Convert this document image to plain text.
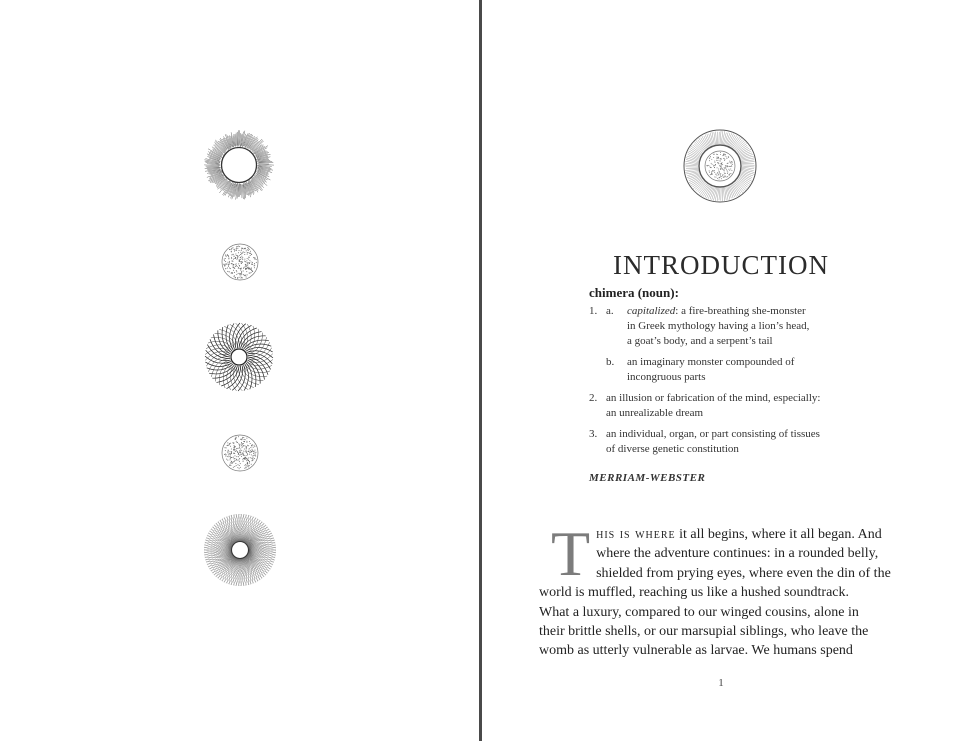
INTRODUCTION
chimera (noun):
1. a. capitalized: a fire-breathing she-monster
in Greek mythology having a lion’s head,
a goat’s body, and a serpent’s tail
b. an imaginary monster compounded of
incongruous parts
2. an illusion or fabrication of the mind, especially:
an unrealizable dream
3. an individual, organ, or part consisting of tissues
of diverse genetic constitution
MERRIAM-WEBSTER
T his is where it all begins, where it all began. And
where the adventure continues: in a rounded belly,
shielded from prying eyes, where even the din of the
world is muffled, reaching us like a hushed soundtrack.
What a luxury, compared to our winged cousins, alone in
their brittle shells, or our marsupial siblings, who leave the
womb as utterly vulnerable as larvae. We humans spend
1
